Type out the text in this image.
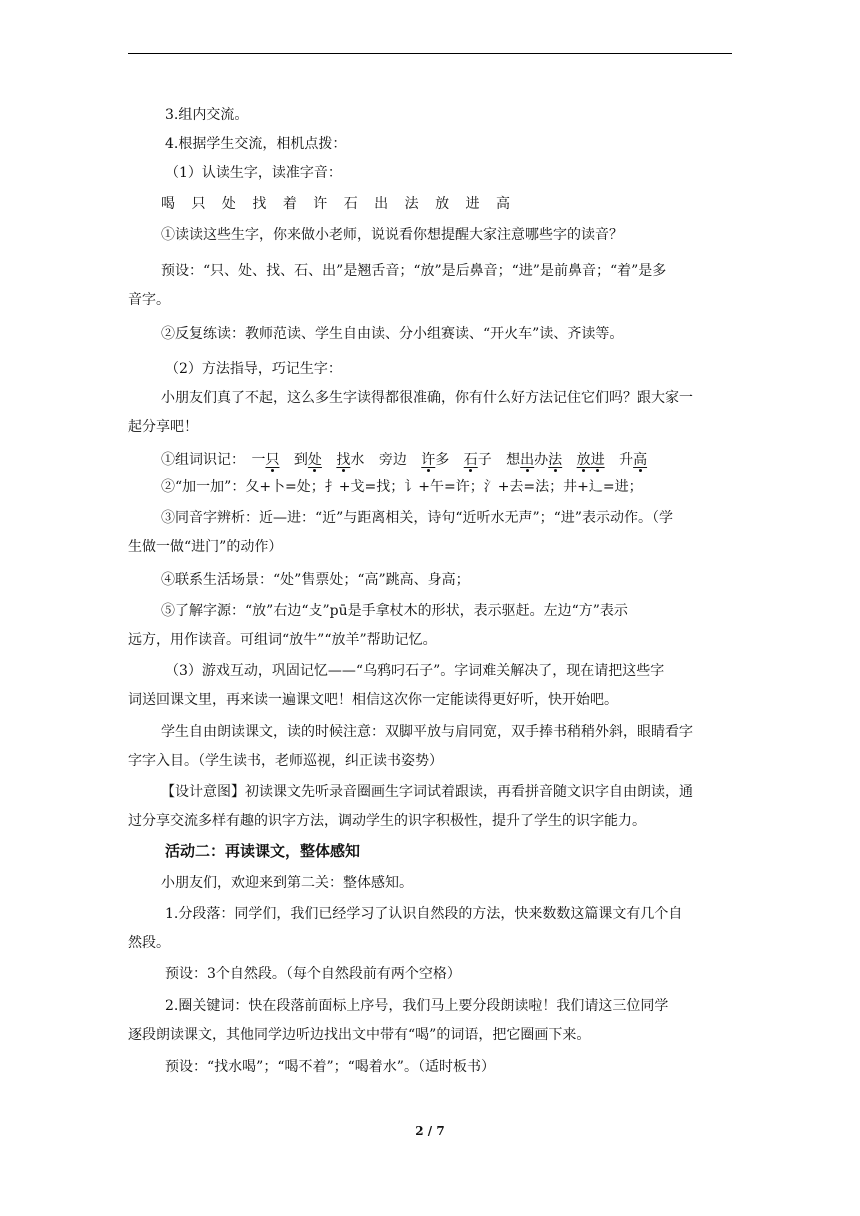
3.组内交流。
4.根据学生交流，相机点拨：
（1）认读生字，读准字音：
喝 只 处 找 着 许 石 出 法 放 进 高
①读读这些生字，你来做小老师，说说看你想提醒大家注意哪些字的读音？
预设：“只、处、找、石、出”是翘舌音；“放”是后鼻音；“进”是前鼻音；“着”是多
音字。
②反复练读：教师范读、学生自由读、分小组赛读、“开火车”读、齐读等。
（2）方法指导，巧记生字：
小朋友们真了不起，这么多生字读得都很准确，你有什么好方法记住它们吗？跟大家一
起分享吧！
①组词识记： 一只 到处 找水 旁边 许多 石子 想出办法 放进 升高
②“加一加”：夂+卜=处；扌+戈=找；讠+午=许；氵+去=法；井+辶=进；
③同音字辨析：近—进：“近”与距离相关，诗句“近听水无声”；“进”表示动作。（学
生做一做“进门”的动作）
④联系生活场景：“处”售票处；“高”跳高、身高；
⑤了解字源：“放”右边“攴”pū是手拿杖木的形状，表示驱赶。左边“方”表示
远方，用作读音。可组词“放牛”“放羊”帮助记忆。
（3）游戏互动，巩固记忆——“乌鸦叼石子”。字词难关解决了，现在请把这些字
词送回课文里，再来读一遍课文吧！相信这次你一定能读得更好听，快开始吧。
学生自由朗读课文，读的时候注意：双脚平放与肩同宽，双手捧书稍稍外斜，眼睛看字
字字入目。（学生读书，老师巡视，纠正读书姿势）
【设计意图】初读课文先听录音圈画生字词试着跟读，再看拼音随文识字自由朗读，通
过分享交流多样有趣的识字方法，调动学生的识字积极性，提升了学生的识字能力。
活动二：再读课文，整体感知
小朋友们，欢迎来到第二关：整体感知。
1.分段落：同学们，我们已经学习了认识自然段的方法，快来数数这篇课文有几个自
然段。
预设：3个自然段。（每个自然段前有两个空格）
2.圈关键词：快在段落前面标上序号，我们马上要分段朗读啦！我们请这三位同学
逐段朗读课文，其他同学边听边找出文中带有“喝”的词语，把它圈画下来。
预设：“找水喝”；“喝不着”；“喝着水”。（适时板书）
2 / 7
